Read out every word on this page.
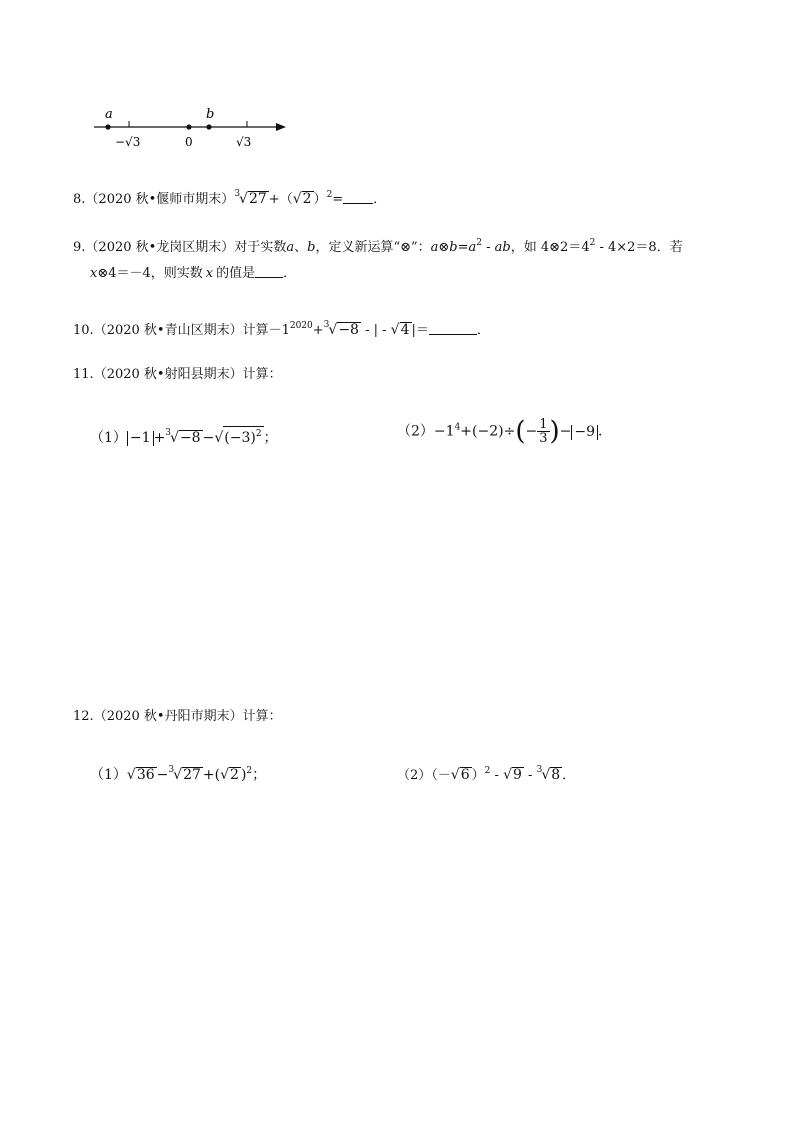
a	b
−√3	0	√3
8.（2020 秋•偃师市期末）$^3$√27 +（√2 ）$^2$= ．
9.（2020 秋•龙岗区期末）对于实数a、b，定义新运算“⊗”：$a\otimes b=a^2$ - ab，如 $4\otimes 2=4^2 - 4\times 2=8$．若
x⊗4＝－4，则实数 x 的值是 ．
10.（2020 秋•青山区期末）计算$-1^{2020}+^3√-8$ - | - √4 |＝	．
11.（2020 秋•射阳县期末）计算：
$(1) -1 +^3√-8 -√(-3)^2$ ；	$(2)-1^4+(-2)\div(- \frac{1}{3}$ )− −9 ．
12.（2020 秋•丹阳市期末）计算：
（1）√36 −$^3$√27 +(√2 )$^2$；	（2）（－√6 ）$^2$ - √9 - $^3$√8 ．
